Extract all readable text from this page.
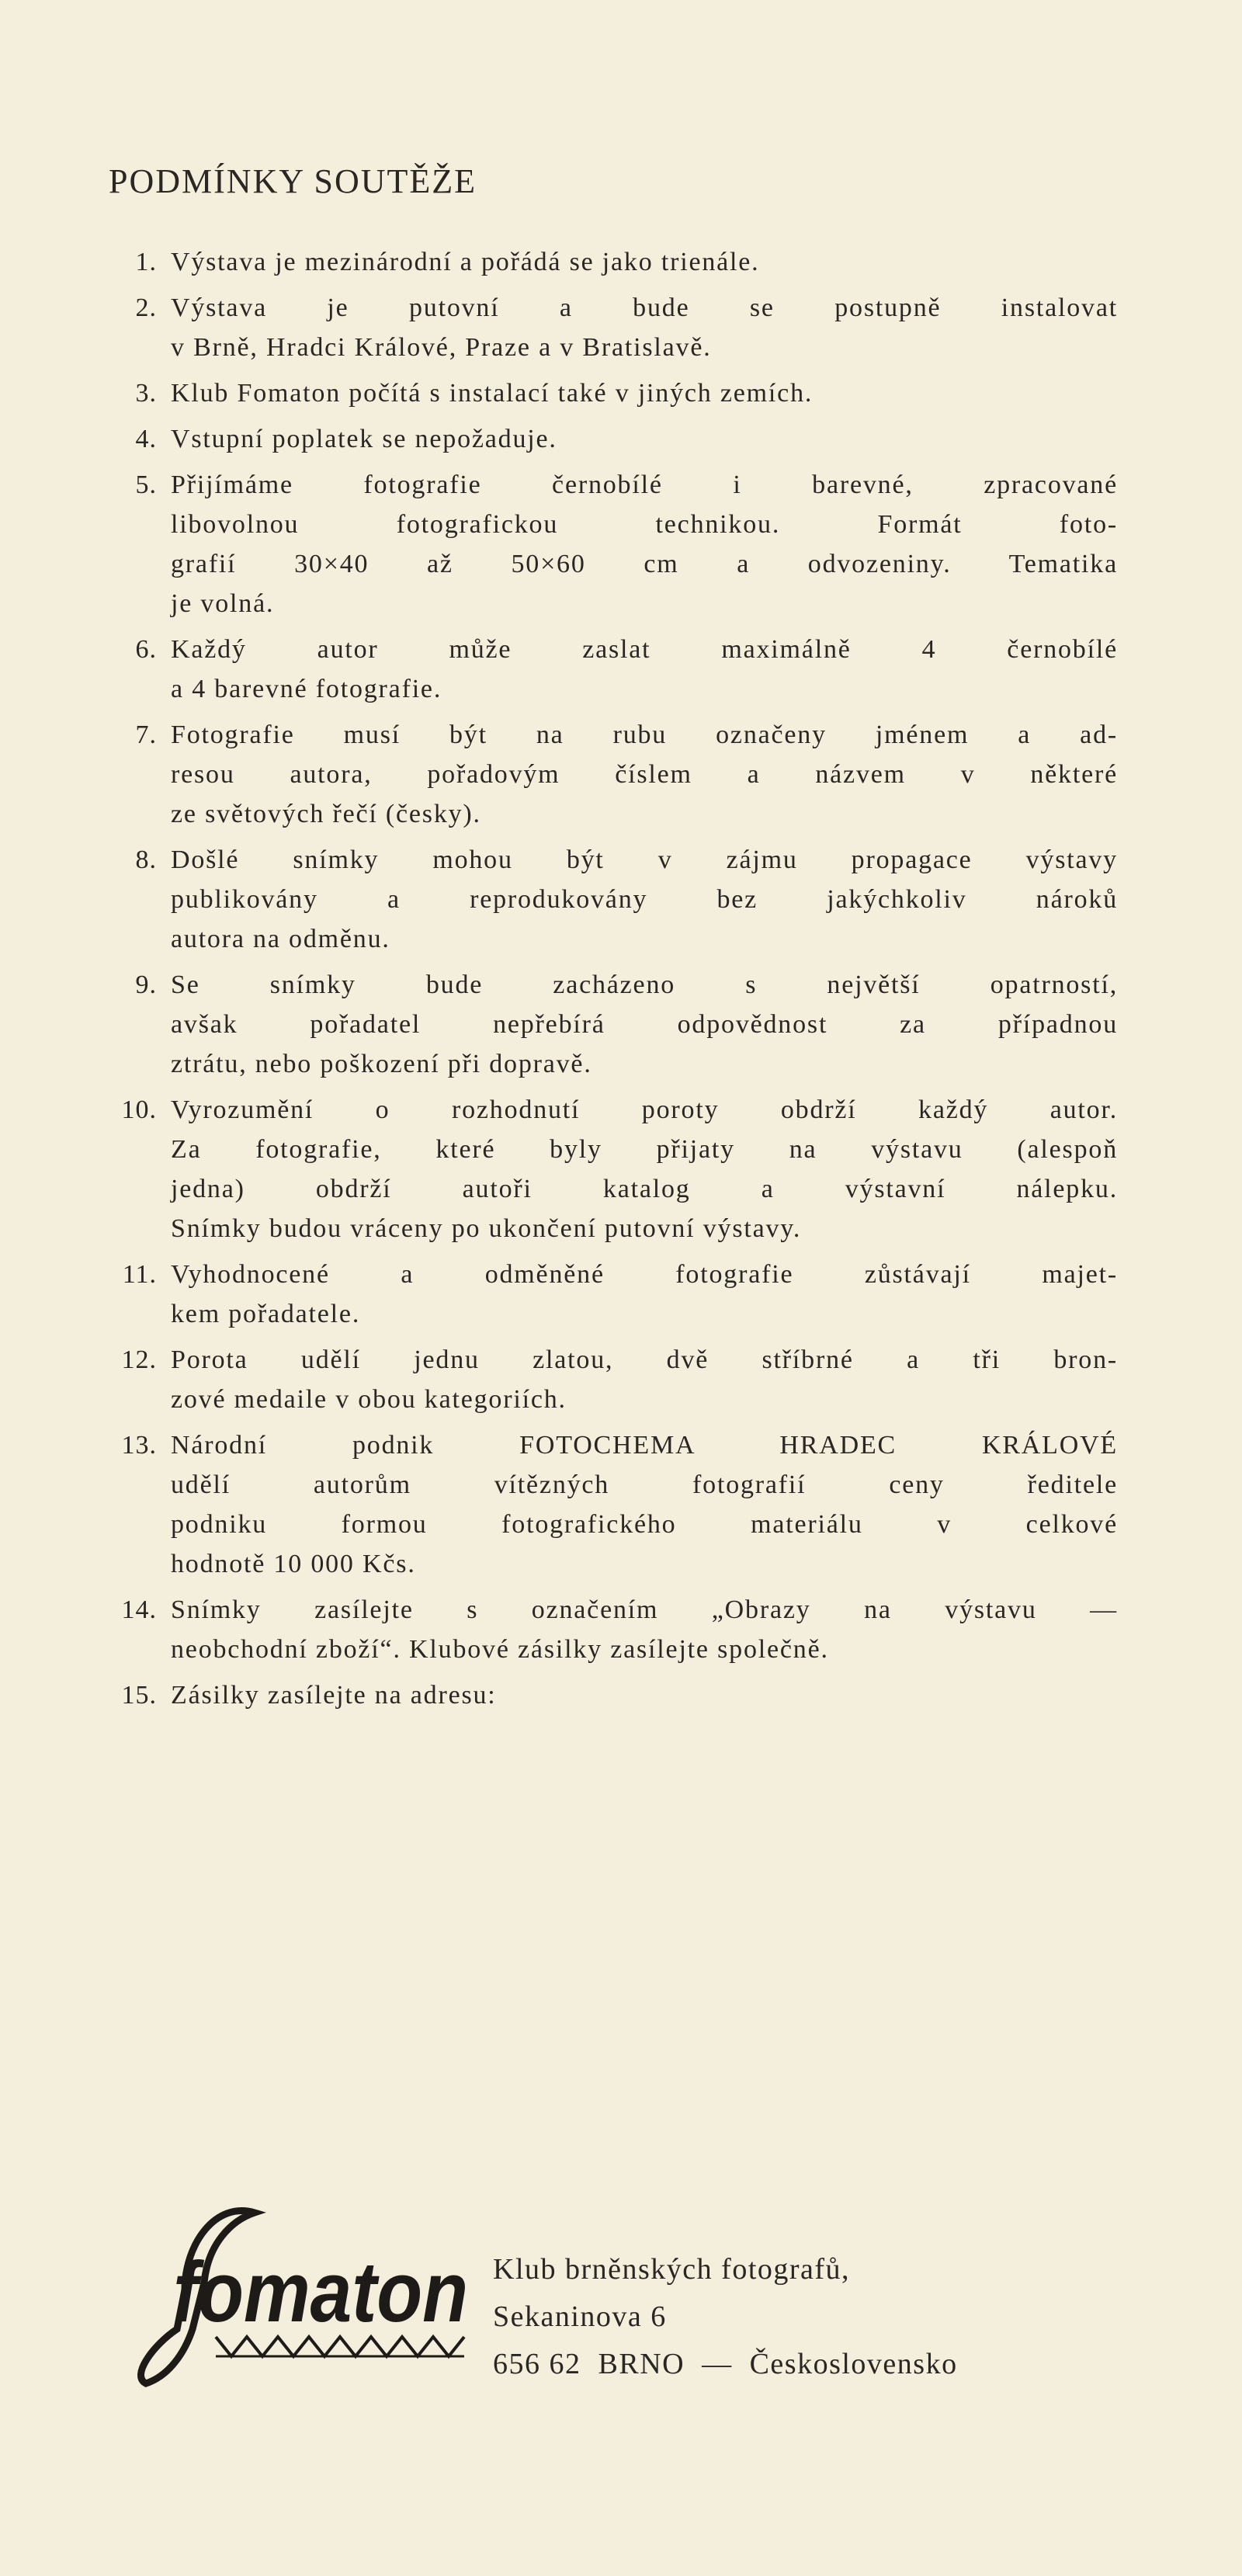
PODMÍNKY SOUTĚŽE
1. Výstava je mezinárodní a pořádá se jako trienále.
2. Výstava je putovní a bude se postupně instalovat
v Brně, Hradci Králové, Praze a v Bratislavě.
3. Klub Fomaton počítá s instalací také v jiných zemích.
4. Vstupní poplatek se nepožaduje.
5. Přijímáme fotografie černobílé i barevné, zpracované
libovolnou fotografickou technikou. Formát foto-
grafií 30×40 až 50×60 cm a odvozeniny. Tematika
je volná.
6. Každý autor může zaslat maximálně 4 černobílé
a 4 barevné fotografie.
7. Fotografie musí být na rubu označeny jménem a ad-
resou autora, pořadovým číslem a názvem v některé
ze světových řečí (česky).
8. Došlé snímky mohou být v zájmu propagace výstavy
publikovány a reprodukovány bez jakýchkoliv nároků
autora na odměnu.
9. Se snímky bude zacházeno s největší opatrností,
avšak pořadatel nepřebírá odpovědnost za případnou
ztrátu, nebo poškození při dopravě.
10. Vyrozumění o rozhodnutí poroty obdrží každý autor.
Za fotografie, které byly přijaty na výstavu (alespoň
jedna) obdrží autoři katalog a výstavní nálepku.
Snímky budou vráceny po ukončení putovní výstavy.
11. Vyhodnocené a odměněné fotografie zůstávají majet-
kem pořadatele.
12. Porota udělí jednu zlatou, dvě stříbrné a tři bron-
zové medaile v obou kategoriích.
13. Národní podnik FOTOCHEMA HRADEC KRÁLOVÉ
udělí autorům vítězných fotografií ceny ředitele
podniku formou fotografického materiálu v celkové
hodnotě 10 000 Kčs.
14. Snímky zasílejte s označením „Obrazy na výstavu —
neobchodní zboží“. Klubové zásilky zasílejte společně.
15. Zásilky zasílejte na adresu:
fomaton Klub brněnských fotografů,
Sekaninova 6
656 62  BRNO  —  Československo
